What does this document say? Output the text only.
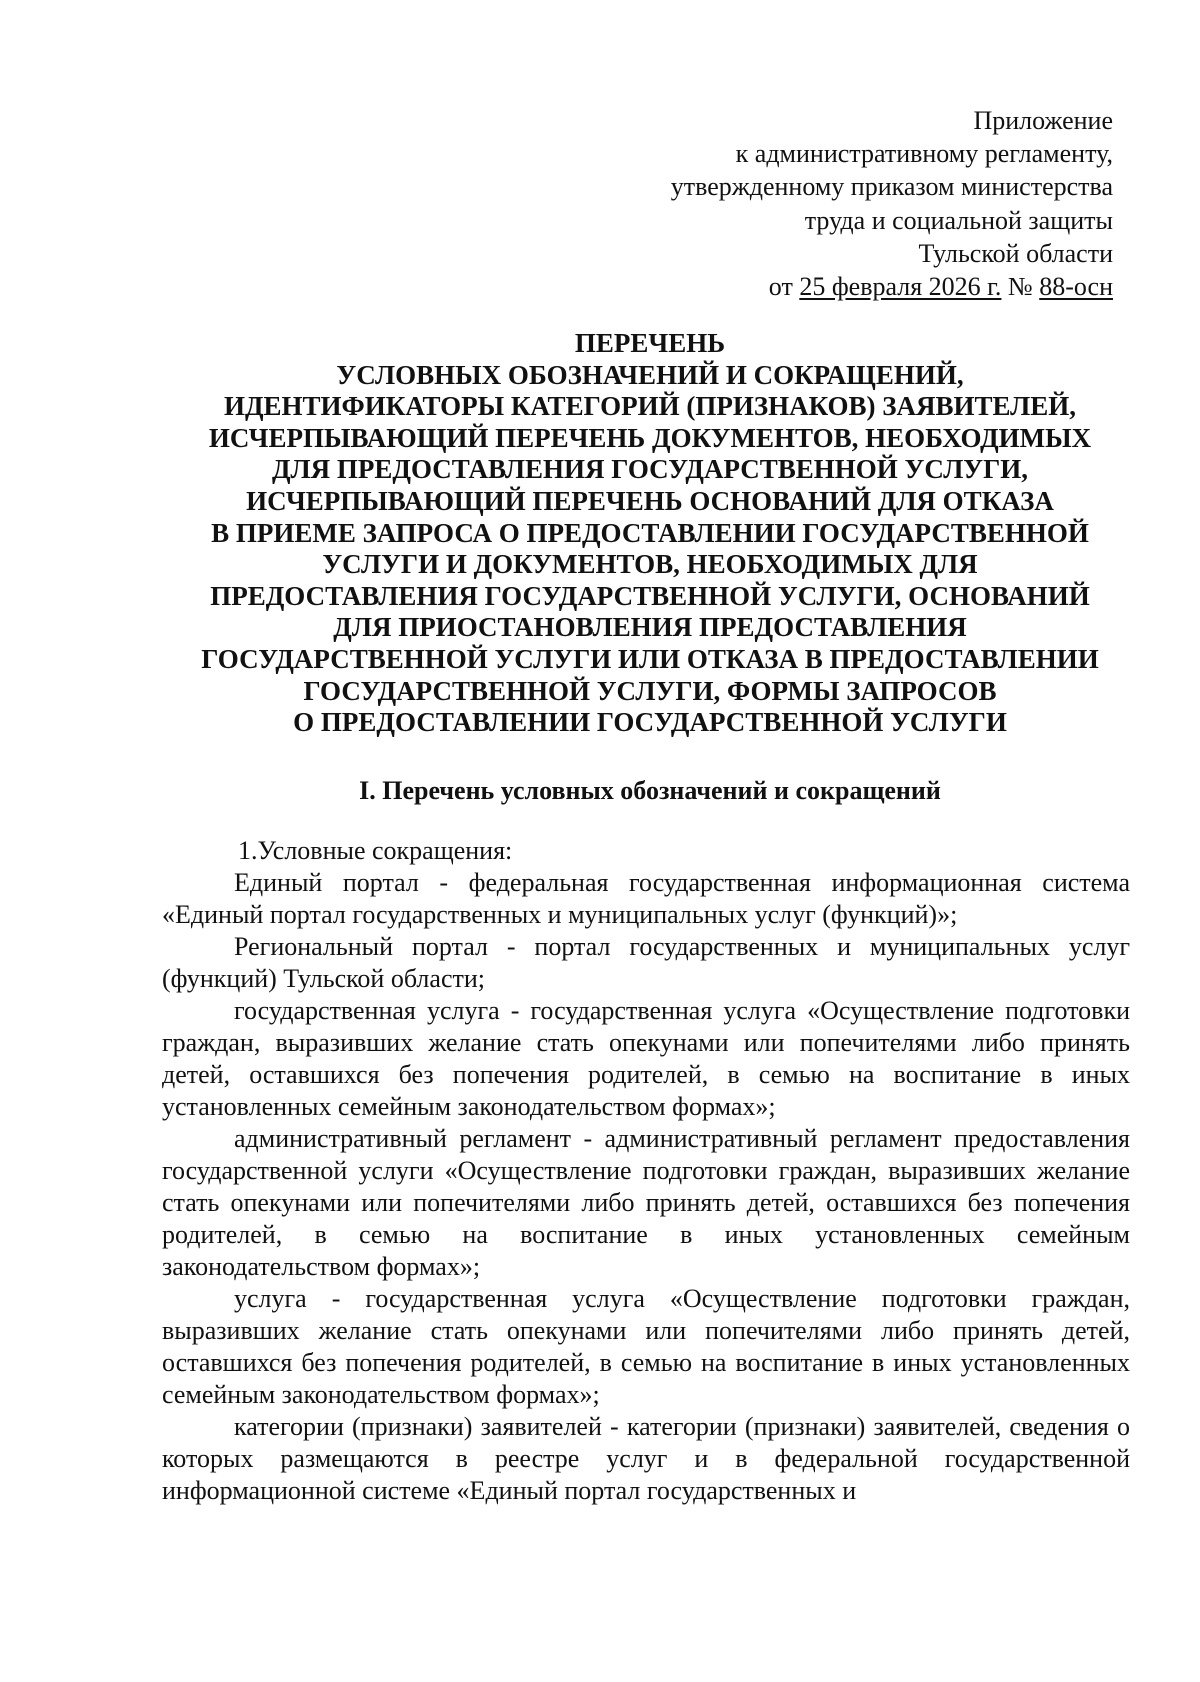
Приложение
к административному регламенту,
утвержденному приказом министерства
труда и социальной защиты
Тульской области
от 25 февраля 2026 г. № 88-осн
ПЕРЕЧЕНЬ
УСЛОВНЫХ ОБОЗНАЧЕНИЙ И СОКРАЩЕНИЙ,
ИДЕНТИФИКАТОРЫ КАТЕГОРИЙ (ПРИЗНАКОВ) ЗАЯВИТЕЛЕЙ,
ИСЧЕРПЫВАЮЩИЙ ПЕРЕЧЕНЬ ДОКУМЕНТОВ, НЕОБХОДИМЫХ
ДЛЯ ПРЕДОСТАВЛЕНИЯ ГОСУДАРСТВЕННОЙ УСЛУГИ,
ИСЧЕРПЫВАЮЩИЙ ПЕРЕЧЕНЬ ОСНОВАНИЙ ДЛЯ ОТКАЗА
В ПРИЕМЕ ЗАПРОСА О ПРЕДОСТАВЛЕНИИ ГОСУДАРСТВЕННОЙ
УСЛУГИ И ДОКУМЕНТОВ, НЕОБХОДИМЫХ ДЛЯ
ПРЕДОСТАВЛЕНИЯ ГОСУДАРСТВЕННОЙ УСЛУГИ, ОСНОВАНИЙ
ДЛЯ ПРИОСТАНОВЛЕНИЯ ПРЕДОСТАВЛЕНИЯ
ГОСУДАРСТВЕННОЙ УСЛУГИ ИЛИ ОТКАЗА В ПРЕДОСТАВЛЕНИИ
ГОСУДАРСТВЕННОЙ УСЛУГИ, ФОРМЫ ЗАПРОСОВ
О ПРЕДОСТАВЛЕНИИ ГОСУДАРСТВЕННОЙ УСЛУГИ
I. Перечень условных обозначений и сокращений

1.Условные сокращения:

Единый портал - федеральная государственная информационная система «Единый портал государственных и муниципальных услуг (функций)»;

Региональный портал - портал государственных и муниципальных услуг (функций) Тульской области;

государственная услуга - государственная услуга «Осуществление подготовки граждан, выразивших желание стать опекунами или попечителями либо принять детей, оставшихся без попечения родителей, в семью на воспитание в иных установленных семейным законодательством формах»;

административный регламент - административный регламент предоставления государственной услуги «Осуществление подготовки граждан, выразивших желание стать опекунами или попечителями либо принять детей, оставшихся без попечения родителей, в семью на воспитание в иных установленных семейным законодательством формах»;

услуга - государственная услуга «Осуществление подготовки граждан, выразивших желание стать опекунами или попечителями либо принять детей, оставшихся без попечения родителей, в семью на воспитание в иных установленных семейным законодательством формах»;

категории (признаки) заявителей - категории (признаки) заявителей, сведения о которых размещаются в реестре услуг и в федеральной государственной информационной системе «Единый портал государственных и
